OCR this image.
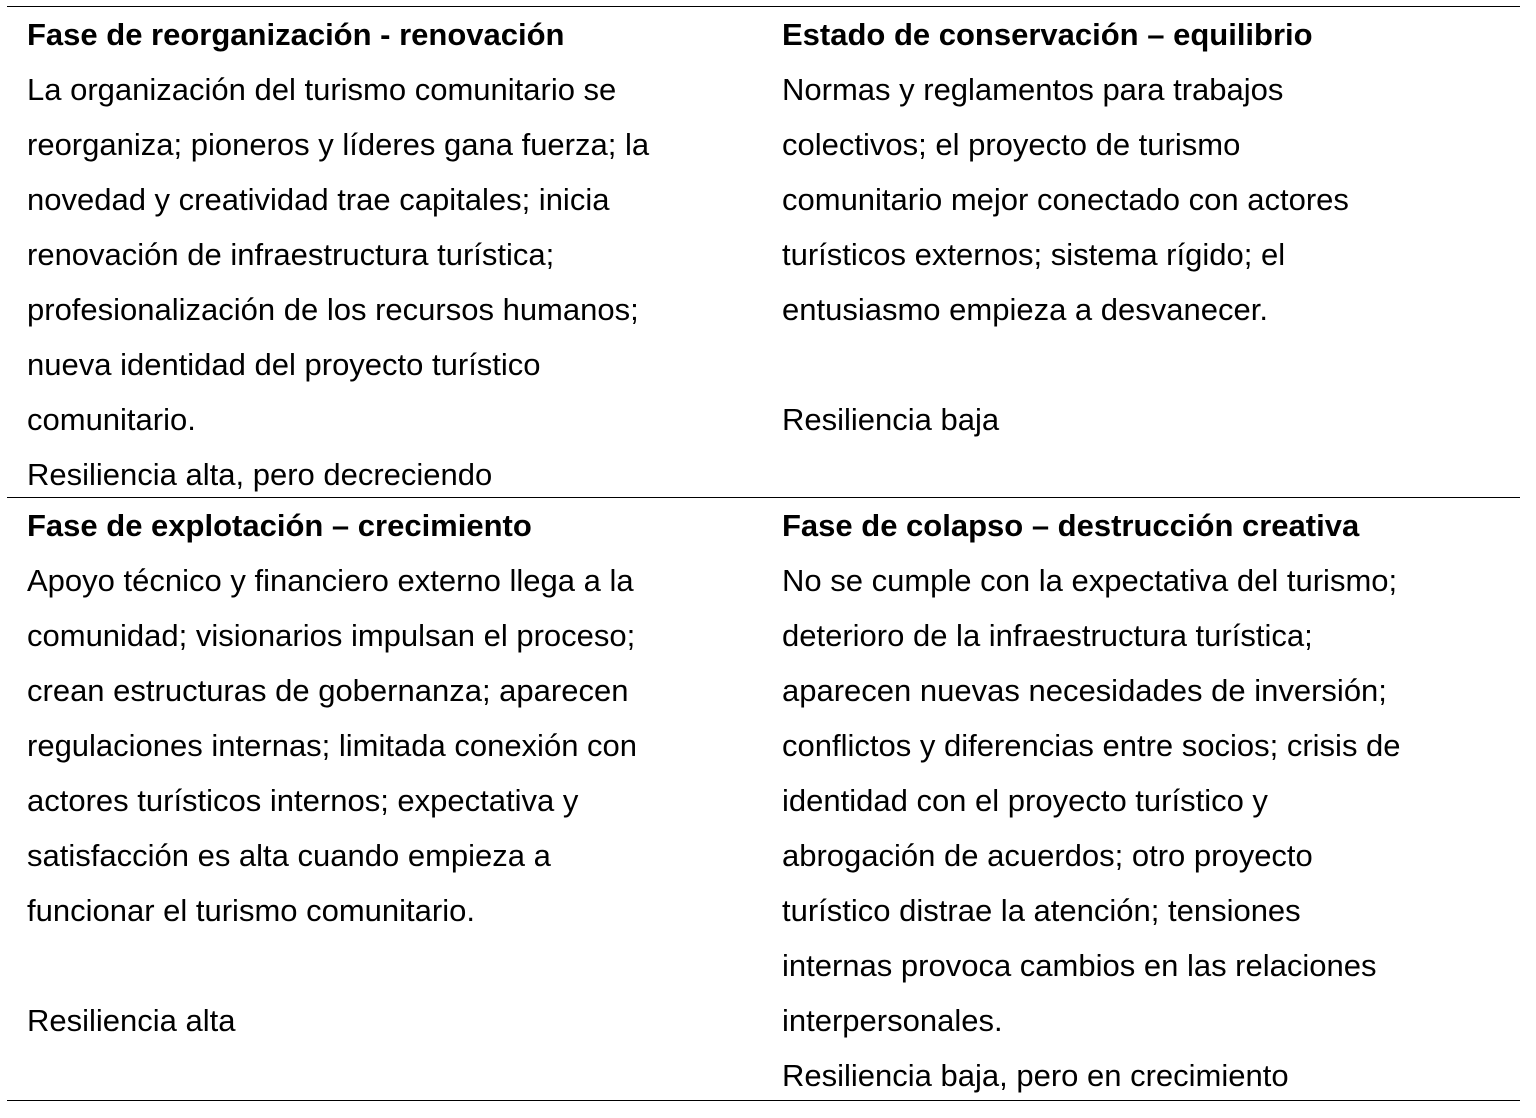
Fase de reorganización - renovación
La organización del turismo comunitario se
reorganiza; pioneros y líderes gana fuerza; la
novedad y creatividad trae capitales; inicia
renovación de infraestructura turística;
profesionalización de los recursos humanos;
nueva identidad del proyecto turístico
comunitario.
Resiliencia alta, pero decreciendo
Estado de conservación – equilibrio
Normas y reglamentos para trabajos
colectivos; el proyecto de turismo
comunitario mejor conectado con actores
turísticos externos; sistema rígido; el
entusiasmo empieza a desvanecer.
Resiliencia baja
Fase de explotación – crecimiento
Apoyo técnico y financiero externo llega a la
comunidad; visionarios impulsan el proceso;
crean estructuras de gobernanza; aparecen
regulaciones internas; limitada conexión con
actores turísticos internos; expectativa y
satisfacción es alta cuando empieza a
funcionar el turismo comunitario.
Resiliencia alta
Fase de colapso – destrucción creativa
No se cumple con la expectativa del turismo;
deterioro de la infraestructura turística;
aparecen nuevas necesidades de inversión;
conflictos y diferencias entre socios; crisis de
identidad con el proyecto turístico y
abrogación de acuerdos; otro proyecto
turístico distrae la atención; tensiones
internas provoca cambios en las relaciones
interpersonales.
Resiliencia baja, pero en crecimiento
